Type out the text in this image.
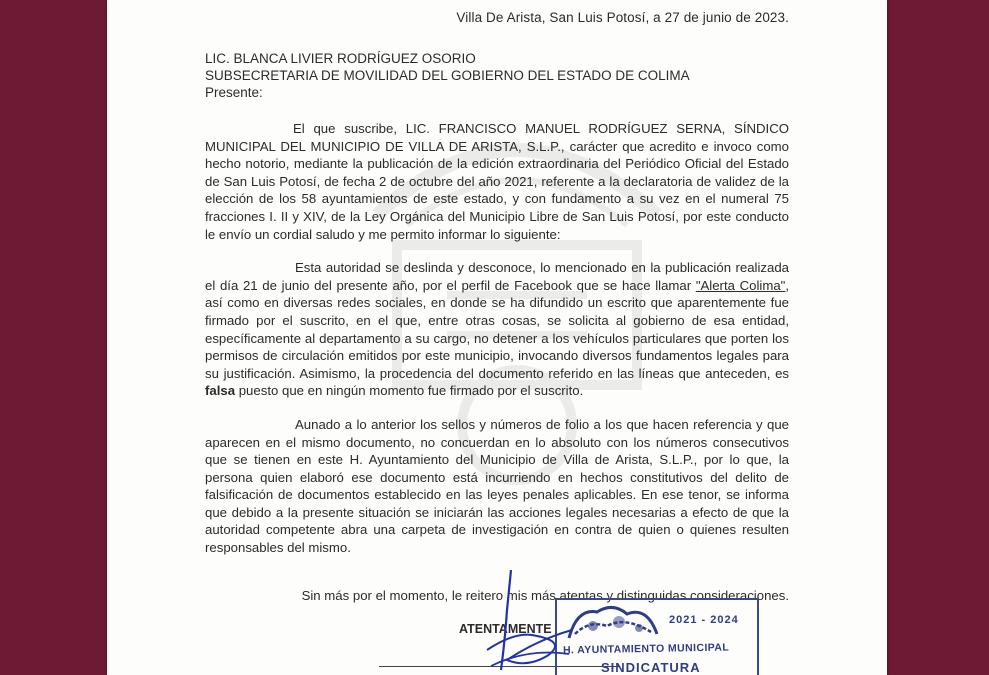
Villa De Arista, San Luis Potosí, a 27 de junio de 2023.
LIC. BLANCA LIVIER RODRÍGUEZ OSORIO
SUBSECRETARIA DE MOVILIDAD DEL GOBIERNO DEL ESTADO DE COLIMA
Presente:

El que suscribe, LIC. FRANCISCO MANUEL RODRÍGUEZ SERNA, SÍNDICO MUNICIPAL DEL MUNICIPIO DE VILLA DE ARISTA, S.L.P., carácter que acredito e invoco como hecho notorio, mediante la publicación de la edición extraordinaria del Periódico Oficial del Estado de San Luis Potosí, de fecha 2 de octubre del año 2021, referente a la declaratoria de validez de la elección de los 58 ayuntamientos de este estado, y con fundamento a su vez en el numeral 75 fracciones I. II y XIV, de la Ley Orgánica del Municipio Libre de San Luis Potosí, por este conducto le envío un cordial saludo y me permito informar lo siguiente:

Esta autoridad se deslinda y desconoce, lo mencionado en la publicación realizada el día 21 de junio del presente año, por el perfil de Facebook que se hace llamar "Alerta Colima", así como en diversas redes sociales, en donde se ha difundido un escrito que aparentemente fue firmado por el suscrito, en el que, entre otras cosas, se solicita al gobierno de esa entidad, específicamente al departamento a su cargo, no detener a los vehículos particulares que porten los permisos de circulación emitidos por este municipio, invocando diversos fundamentos legales para su justificación. Asimismo, la procedencia del documento referido en las líneas que anteceden, es falsa puesto que en ningún momento fue firmado por el suscrito.

Aunado a lo anterior los sellos y números de folio a los que hacen referencia y que aparecen en el mismo documento, no concuerdan en lo absoluto con los números consecutivos que se tienen en este H. Ayuntamiento del Municipio de Villa de Arista, S.L.P., por lo que, la persona quien elaboró ese documento está incurriendo en hechos constitutivos del delito de falsificación de documentos establecido en las leyes penales aplicables. En ese tenor, se informa que debido a la presente situación se iniciarán las acciones legales necesarias a efecto de que la autoridad competente abra una carpeta de investigación en contra de quien o quienes resulten responsables del mismo.

Sin más por el momento, le reitero mis más atentas y distinguidas consideraciones.
ATENTAMENTE
2021 - 2024
H. AYUNTAMIENTO MUNICIPAL
SINDICATURA
